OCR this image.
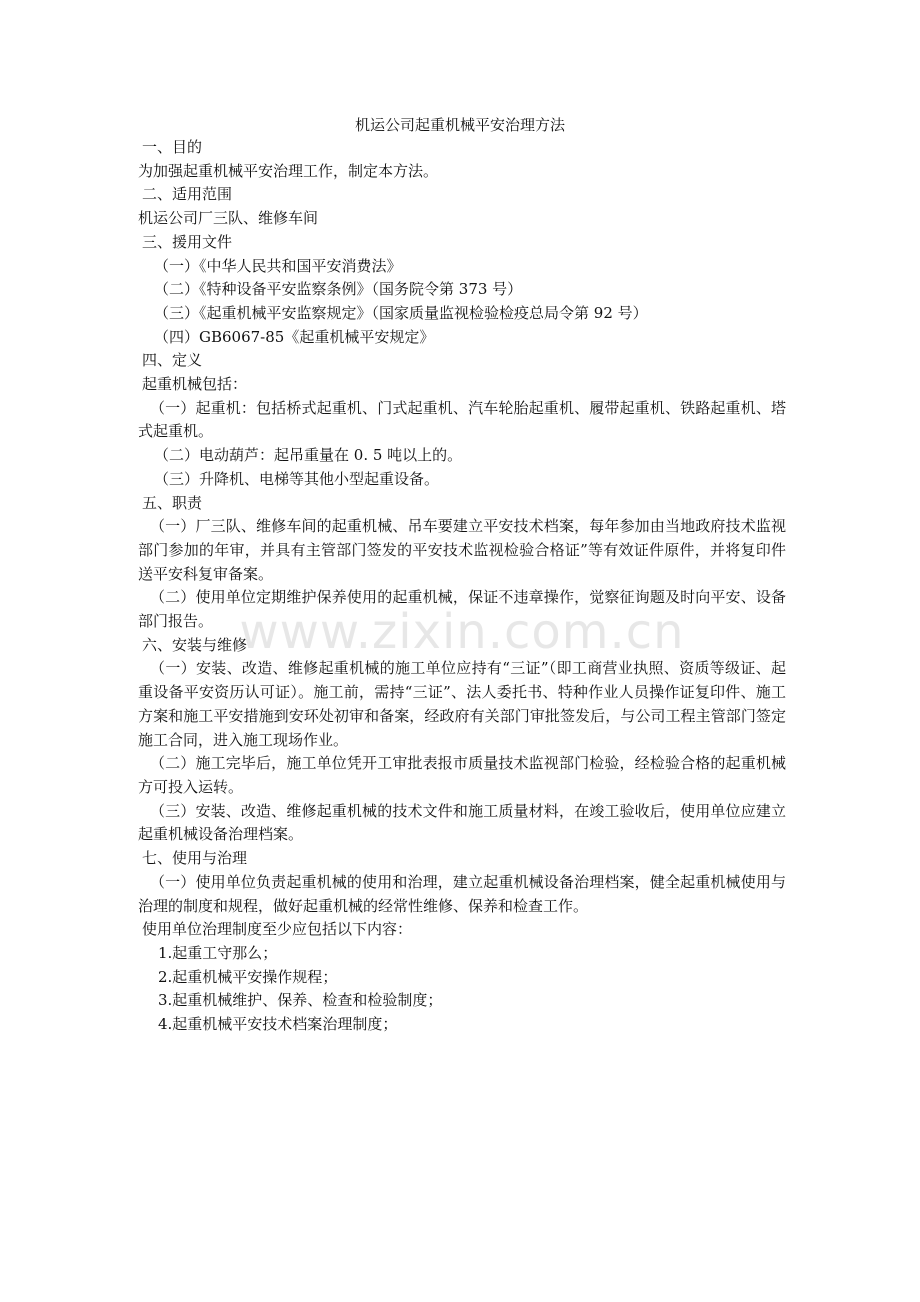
机运公司起重机械平安治理方法
一、目的
为加强起重机械平安治理工作，制定本方法。
二、适用范围
机运公司厂三队、维修车间
三、援用文件
（一）《中华人民共和国平安消费法》
（二）《特种设备平安监察条例》（国务院令第 373 号）
（三）《起重机械平安监察规定》（国家质量监视检验检疫总局令第 92 号）
（四）GB6067-85《起重机械平安规定》
四、定义
起重机械包括：

（一）起重机：包括桥式起重机、门式起重机、汽车轮胎起重机、履带起重机、铁路起重机、塔式起重机。

（二）电动葫芦：起吊重量在 0. 5 吨以上的。
（三）升降机、电梯等其他小型起重设备。
五、职责

（一）厂三队、维修车间的起重机械、吊车要建立平安技术档案，每年参加由当地政府技术监视部门参加的年审，并具有主管部门签发的平安技术监视检验合格证”等有效证件原件，并将复印件送平安科复审备案。

（二）使用单位定期维护保养使用的起重机械，保证不违章操作，觉察征询题及时向平安、设备部门报告。

六、安装与维修

（一）安装、改造、维修起重机械的施工单位应持有“三证”（即工商营业执照、资质等级证、起重设备平安资历认可证）。施工前，需持“三证”、法人委托书、特种作业人员操作证复印件、施工方案和施工平安措施到安环处初审和备案，经政府有关部门审批签发后，与公司工程主管部门签定施工合同，进入施工现场作业。

（二）施工完毕后，施工单位凭开工审批表报市质量技术监视部门检验，经检验合格的起重机械方可投入运转。

（三）安装、改造、维修起重机械的技术文件和施工质量材料，在竣工验收后，使用单位应建立起重机械设备治理档案。

七、使用与治理

（一）使用单位负责起重机械的使用和治理，建立起重机械设备治理档案，健全起重机械使用与治理的制度和规程，做好起重机械的经常性维修、保养和检查工作。

使用单位治理制度至少应包括以下内容：
1.起重工守那么；
2.起重机械平安操作规程；
3.起重机械维护、保养、检查和检验制度；
4.起重机械平安技术档案治理制度；
www.zixin.com.cn
